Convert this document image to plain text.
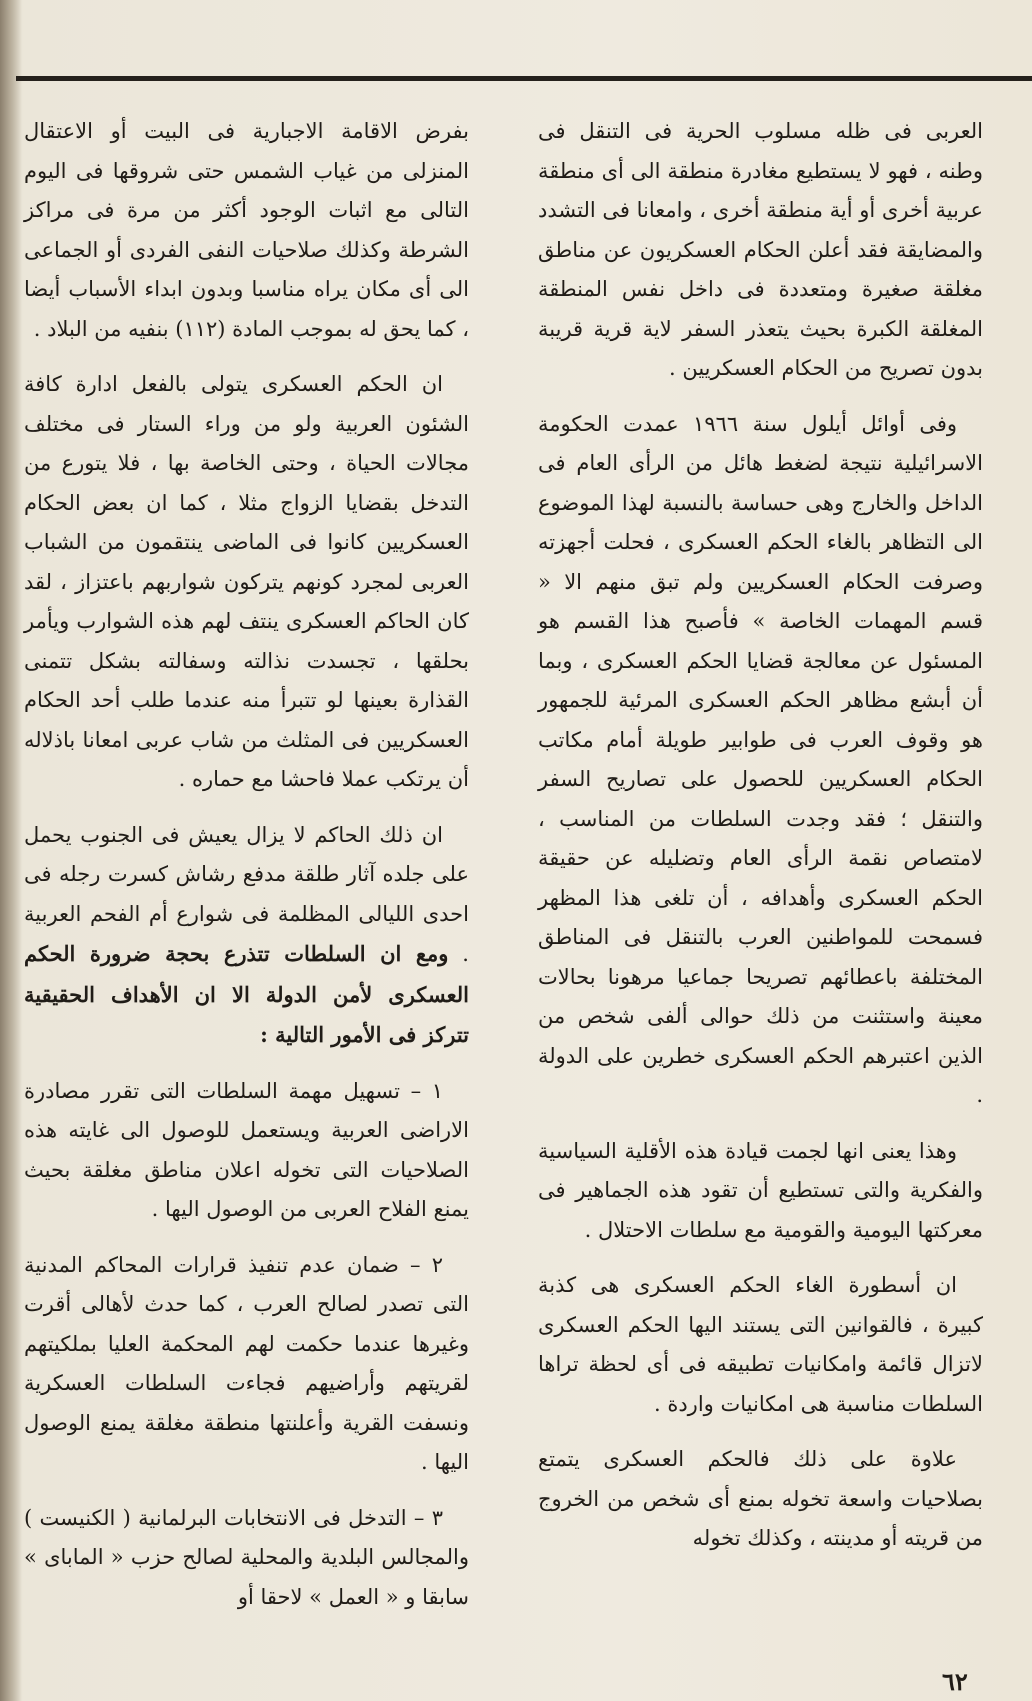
العربى فى ظله مسلوب الحرية فى التنقل فى وطنه ، فهو لا يستطيع مغادرة منطقة الى أى منطقة عربية أخرى أو أية منطقة أخرى ، وامعانا فى التشدد والمضايقة فقد أعلن الحكام العسكريون عن مناطق مغلقة صغيرة ومتعددة فى داخل نفس المنطقة المغلقة الكبرة بحيث يتعذر السفر لاية قرية قريبة بدون تصريح من الحكام العسكريين .

وفى أوائل أيلول سنة ١٩٦٦ عمدت الحكومة الاسرائيلية نتيجة لضغط هائل من الرأى العام فى الداخل والخارج وهى حساسة بالنسبة لهذا الموضوع الى التظاهر بالغاء الحكم العسكرى ، فحلت أجهزته وصرفت الحكام العسكريين ولم تبق منهم الا « قسم المهمات الخاصة » فأصبح هذا القسم هو المسئول عن معالجة قضايا الحكم العسكرى ، وبما أن أبشع مظاهر الحكم العسكرى المرئية للجمهور هو وقوف العرب فى طوابير طويلة أمام مكاتب الحكام العسكريين للحصول على تصاريح السفر والتنقل ؛ فقد وجدت السلطات من المناسب ، لامتصاص نقمة الرأى العام وتضليله عن حقيقة الحكم العسكرى وأهدافه ، أن تلغى هذا المظهر فسمحت للمواطنين العرب بالتنقل فى المناطق المختلفة باعطائهم تصريحا جماعيا مرهونا بحالات معينة واستثنت من ذلك حوالى ألفى شخص من الذين اعتبرهم الحكم العسكرى خطرين على الدولة .

وهذا يعنى انها لجمت قيادة هذه الأقلية السياسية والفكرية والتى تستطيع أن تقود هذه الجماهير فى معركتها اليومية والقومية مع سلطات الاحتلال .

ان أسطورة الغاء الحكم العسكرى هى كذبة كبيرة ، فالقوانين التى يستند اليها الحكم العسكرى لاتزال قائمة وامكانيات تطبيقه فى أى لحظة تراها السلطات مناسبة هى امكانيات واردة .

علاوة على ذلك فالحكم العسكرى يتمتع بصلاحيات واسعة تخوله بمنع أى شخص من الخروج من قريته أو مدينته ، وكذلك تخوله

بفرض الاقامة الاجبارية فى البيت أو الاعتقال المنزلى من غياب الشمس حتى شروقها فى اليوم التالى مع اثبات الوجود أكثر من مرة فى مراكز الشرطة وكذلك صلاحيات النفى الفردى أو الجماعى الى أى مكان يراه مناسبا وبدون ابداء الأسباب أيضا ، كما يحق له بموجب المادة (١١٢) بنفيه من البلاد .

ان الحكم العسكرى يتولى بالفعل ادارة كافة الشئون العربية ولو من وراء الستار فى مختلف مجالات الحياة ، وحتى الخاصة بها ، فلا يتورع من التدخل بقضايا الزواج مثلا ، كما ان بعض الحكام العسكريين كانوا فى الماضى ينتقمون من الشباب العربى لمجرد كونهم يتركون شواربهم باعتزاز ، لقد كان الحاكم العسكرى ينتف لهم هذه الشوارب ويأمر بحلقها ، تجسدت نذالته وسفالته بشكل تتمنى القذارة بعينها لو تتبرأ منه عندما طلب أحد الحكام العسكريين فى المثلث من شاب عربى امعانا باذلاله أن يرتكب عملا فاحشا مع حماره .

ان ذلك الحاكم لا يزال يعيش فى الجنوب يحمل على جلده آثار طلقة مدفع رشاش كسرت رجله فى احدى الليالى المظلمة فى شوارع أم الفحم العربية . ومع ان السلطات تتذرع بحجة ضرورة الحكم العسكرى لأمن الدولة الا ان الأهداف الحقيقية تتركز فى الأمور التالية :

١ – تسهيل مهمة السلطات التى تقرر مصادرة الاراضى العربية ويستعمل للوصول الى غايته هذه الصلاحيات التى تخوله اعلان مناطق مغلقة بحيث يمنع الفلاح العربى من الوصول اليها .

٢ – ضمان عدم تنفيذ قرارات المحاكم المدنية التى تصدر لصالح العرب ، كما حدث لأهالى أقرت وغيرها عندما حكمت لهم المحكمة العليا بملكيتهم لقريتهم وأراضيهم فجاءت السلطات العسكرية ونسفت القرية وأعلنتها منطقة مغلقة يمنع الوصول اليها .

٣ – التدخل فى الانتخابات البرلمانية ( الكنيست ) والمجالس البلدية والمحلية لصالح حزب « الماباى » سابقا و « العمل » لاحقا أو

٦٢
